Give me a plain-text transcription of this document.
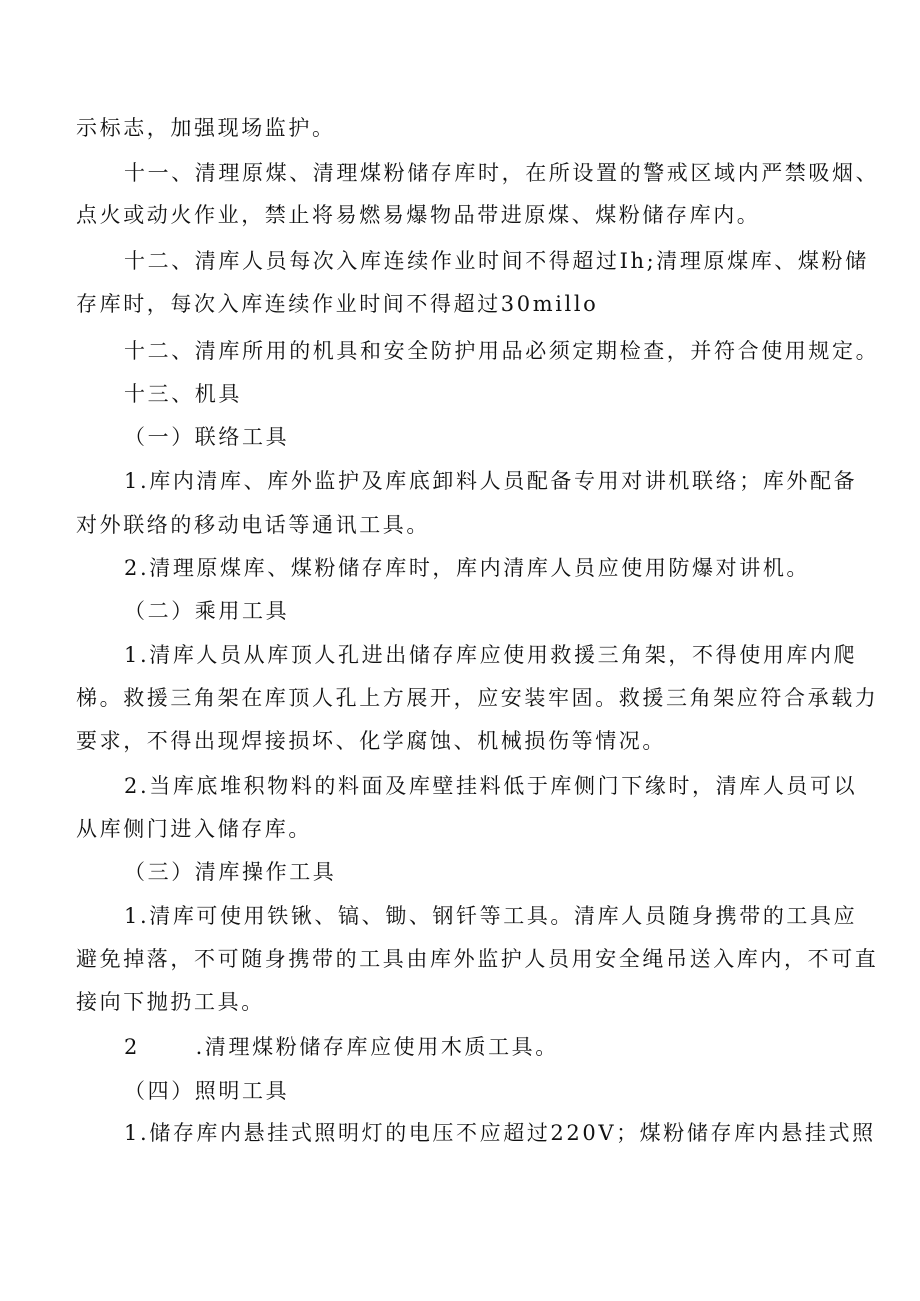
示标志，加强现场监护。
十一、清理原煤、清理煤粉储存库时，在所设置的警戒区域内严禁吸烟、
点火或动火作业，禁止将易燃易爆物品带进原煤、煤粉储存库内。
十二、清库人员每次入库连续作业时间不得超过Ih;清理原煤库、煤粉储
存库时，每次入库连续作业时间不得超过30millo
十二、清库所用的机具和安全防护用品必须定期检查，并符合使用规定。
十三、机具
（一）联络工具
1.库内清库、库外监护及库底卸料人员配备专用对讲机联络；库外配备
对外联络的移动电话等通讯工具。
2.清理原煤库、煤粉储存库时，库内清库人员应使用防爆对讲机。
（二）乘用工具
1.清库人员从库顶人孔进出储存库应使用救援三角架，不得使用库内爬
梯。救援三角架在库顶人孔上方展开，应安装牢固。救援三角架应符合承载力
要求，不得出现焊接损坏、化学腐蚀、机械损伤等情况。
2.当库底堆积物料的料面及库壁挂料低于库侧门下缘时，清库人员可以
从库侧门进入储存库。
（三）清库操作工具
1.清库可使用铁锹、镐、锄、钢钎等工具。清库人员随身携带的工具应
避免掉落，不可随身携带的工具由库外监护人员用安全绳吊送入库内，不可直
接向下抛扔工具。
2      .清理煤粉储存库应使用木质工具。
（四）照明工具
1.储存库内悬挂式照明灯的电压不应超过220V；煤粉储存库内悬挂式照
